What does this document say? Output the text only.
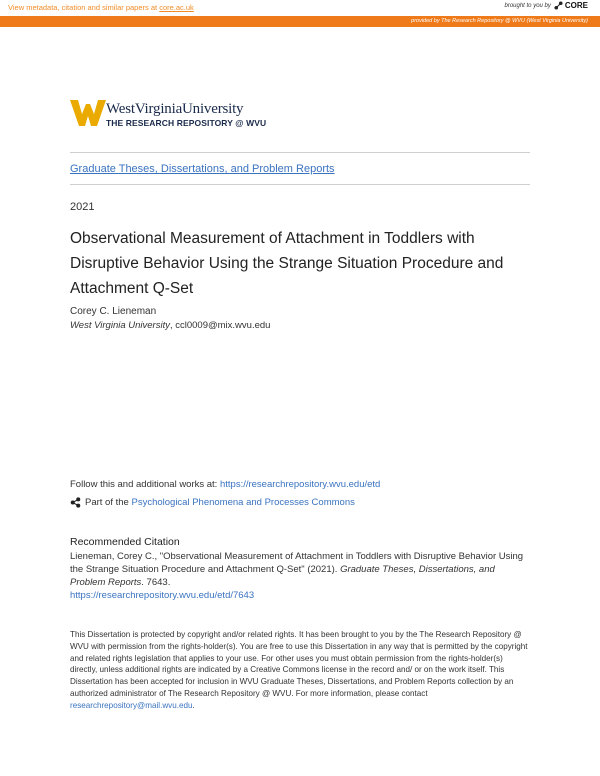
View metadata, citation and similar papers at core.ac.uk	brought to you by CORE
provided by The Research Repository @ WVU (West Virginia University)
WestVirginiaUniversity
THE RESEARCH REPOSITORY @ WVU
Graduate Theses, Dissertations, and Problem Reports
2021
Observational Measurement of Attachment in Toddlers with Disruptive Behavior Using the Strange Situation Procedure and Attachment Q-Set
Corey C. Lieneman
West Virginia University, ccl0009@mix.wvu.edu
Follow this and additional works at: https://researchrepository.wvu.edu/etd
Part of the Psychological Phenomena and Processes Commons
Recommended Citation
Lieneman, Corey C., "Observational Measurement of Attachment in Toddlers with Disruptive Behavior Using the Strange Situation Procedure and Attachment Q-Set" (2021). Graduate Theses, Dissertations, and Problem Reports. 7643.
https://researchrepository.wvu.edu/etd/7643
This Dissertation is protected by copyright and/or related rights. It has been brought to you by the The Research Repository @ WVU with permission from the rights-holder(s). You are free to use this Dissertation in any way that is permitted by the copyright and related rights legislation that applies to your use. For other uses you must obtain permission from the rights-holder(s) directly, unless additional rights are indicated by a Creative Commons license in the record and/ or on the work itself. This Dissertation has been accepted for inclusion in WVU Graduate Theses, Dissertations, and Problem Reports collection by an authorized administrator of The Research Repository @ WVU. For more information, please contact researchrepository@mail.wvu.edu.
